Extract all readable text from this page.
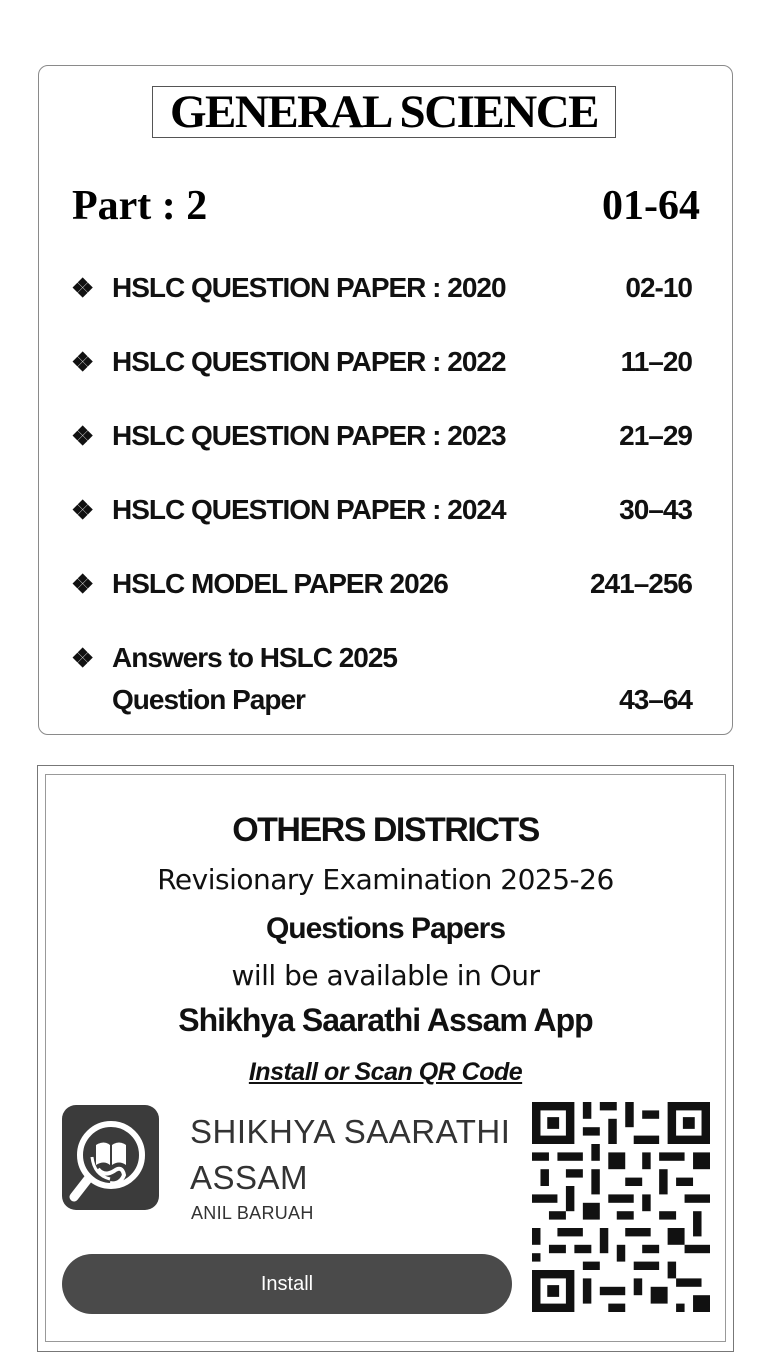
GENERAL SCIENCE
Part : 2	01-64
❖ HSLC QUESTION PAPER : 2020	02-10
❖ HSLC QUESTION PAPER : 2022	11–20
❖ HSLC QUESTION PAPER : 2023	21–29
❖ HSLC QUESTION PAPER : 2024	30–43
❖ HSLC MODEL PAPER 2026	241–256
❖ Answers to HSLC 2025
Question Paper	43–64
OTHERS DISTRICTS
Revisionary Examination 2025-26
Questions Papers
will be available in Our
Shikhya Saarathi Assam App
Install or Scan QR Code
SHIKHYA SAARATHI
ASSAM
ANIL BARUAH
Install
